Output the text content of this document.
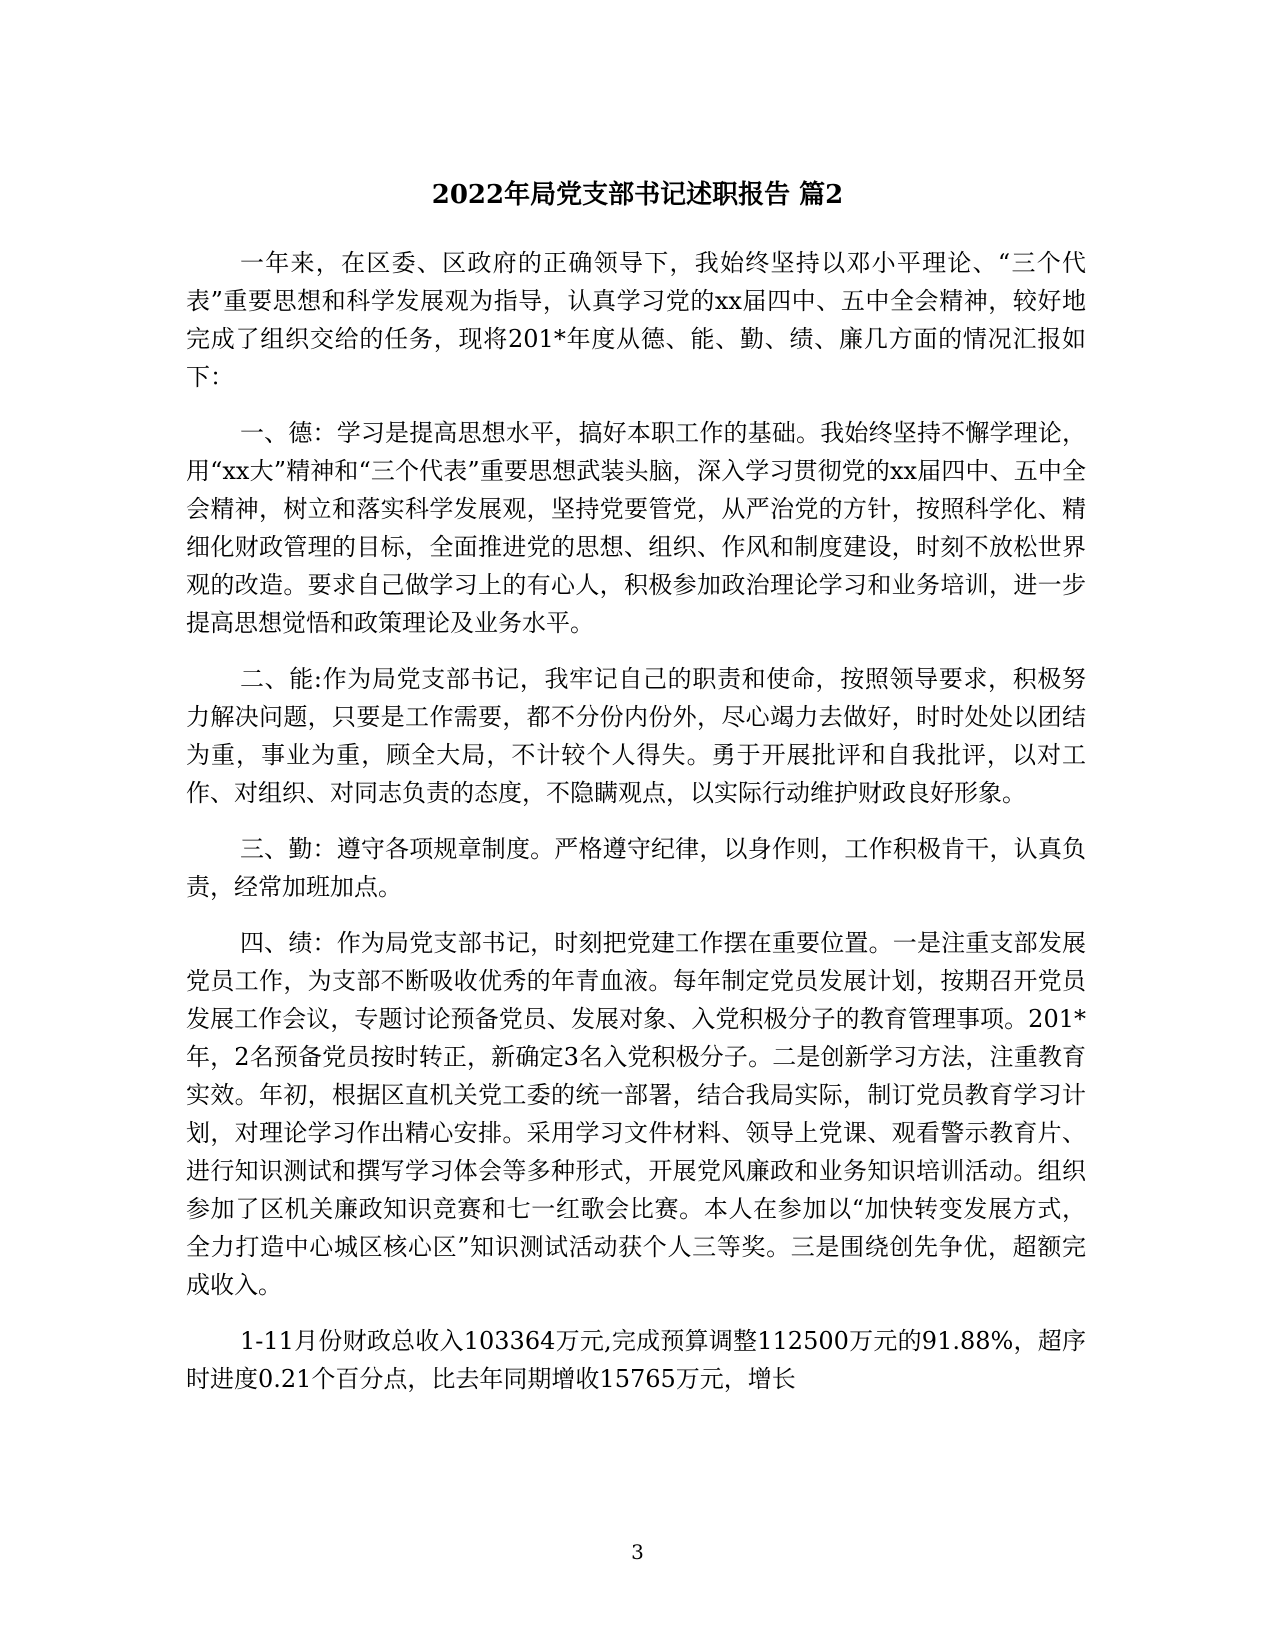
2022年局党支部书记述职报告 篇2

一年来，在区委、区政府的正确领导下，我始终坚持以邓小平理论、“三个代表”重要思想和科学发展观为指导，认真学习党的xx届四中、五中全会精神，较好地完成了组织交给的任务，现将201*年度从德、能、勤、绩、廉几方面的情况汇报如下：

一、德：学习是提高思想水平，搞好本职工作的基础。我始终坚持不懈学理论，用“xx大”精神和“三个代表”重要思想武装头脑，深入学习贯彻党的xx届四中、五中全会精神，树立和落实科学发展观，坚持党要管党，从严治党的方针，按照科学化、精细化财政管理的目标，全面推进党的思想、组织、作风和制度建设，时刻不放松世界观的改造。要求自己做学习上的有心人，积极参加政治理论学习和业务培训，进一步提高思想觉悟和政策理论及业务水平。

二、能:作为局党支部书记，我牢记自己的职责和使命，按照领导要求，积极努力解决问题，只要是工作需要，都不分份内份外，尽心竭力去做好，时时处处以团结为重，事业为重，顾全大局，不计较个人得失。勇于开展批评和自我批评，以对工作、对组织、对同志负责的态度，不隐瞒观点，以实际行动维护财政良好形象。

三、勤：遵守各项规章制度。严格遵守纪律，以身作则，工作积极肯干，认真负责，经常加班加点。

四、绩：作为局党支部书记，时刻把党建工作摆在重要位置。一是注重支部发展党员工作，为支部不断吸收优秀的年青血液。每年制定党员发展计划，按期召开党员发展工作会议，专题讨论预备党员、发展对象、入党积极分子的教育管理事项。201*年，2名预备党员按时转正，新确定3名入党积极分子。二是创新学习方法，注重教育实效。年初，根据区直机关党工委的统一部署，结合我局实际，制订党员教育学习计划，对理论学习作出精心安排。采用学习文件材料、领导上党课、观看警示教育片、进行知识测试和撰写学习体会等多种形式，开展党风廉政和业务知识培训活动。组织参加了区机关廉政知识竞赛和七一红歌会比赛。本人在参加以“加快转变发展方式，全力打造中心城区核心区”知识测试活动获个人三等奖。三是围绕创先争优，超额完成收入。

1-11月份财政总收入103364万元,完成预算调整112500万元的91.88%，超序时进度0.21个百分点，比去年同期增收15765万元，增长

3
